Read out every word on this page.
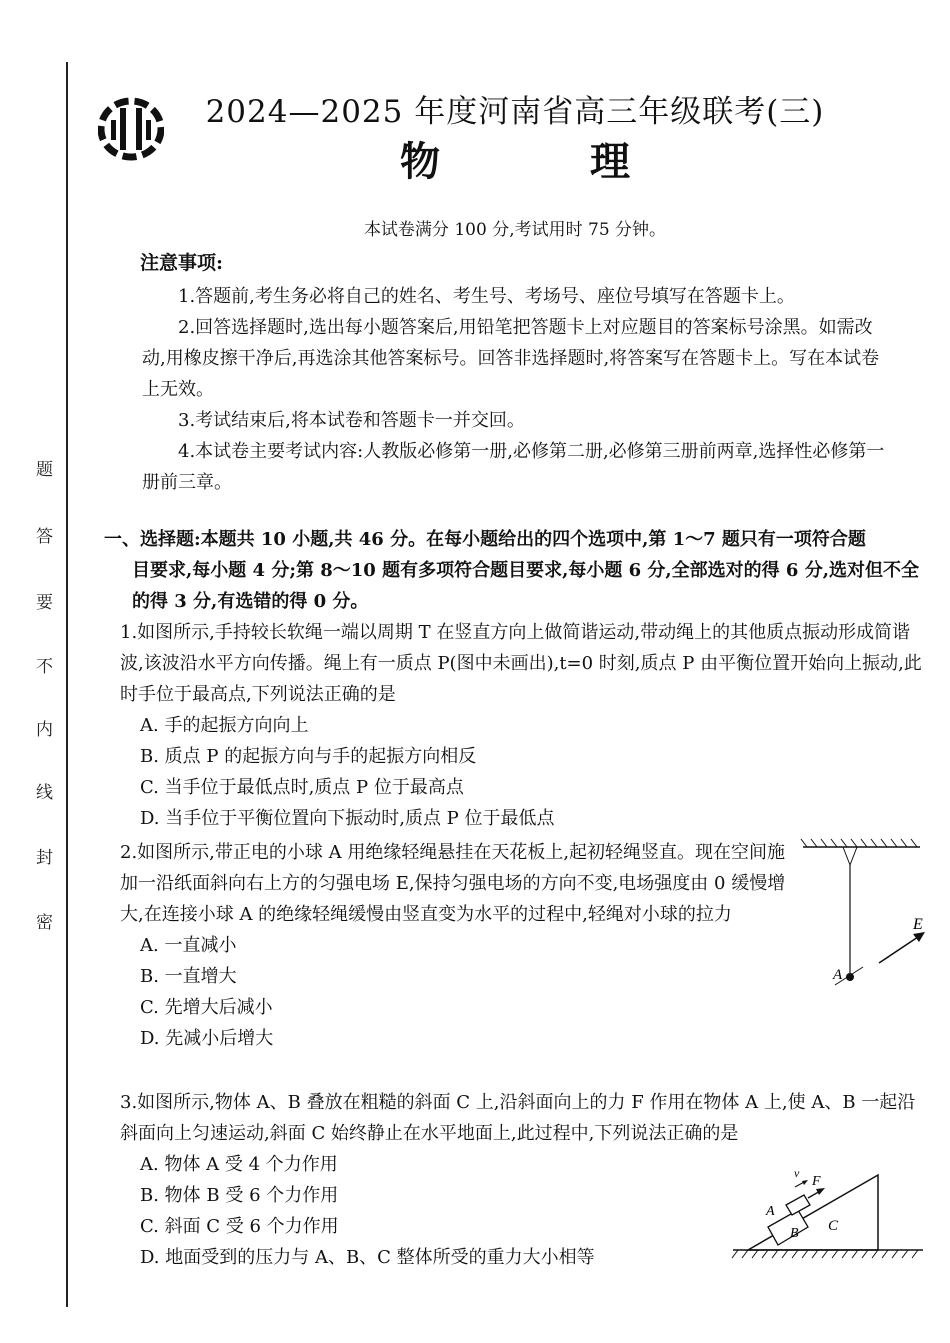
题
答
要
不
内
线
封
密
2024—2025 年度河南省高三年级联考(三)
物理
本试卷满分 100 分,考试用时 75 分钟。
注意事项:

1.答题前,考生务必将自己的姓名、考生号、考场号、座位号填写在答题卡上。

2.回答选择题时,选出每小题答案后,用铅笔把答题卡上对应题目的答案标号涂黑。如需改动,用橡皮擦干净后,再选涂其他答案标号。回答非选择题时,将答案写在答题卡上。写在本试卷上无效。

3.考试结束后,将本试卷和答题卡一并交回。

4.本试卷主要考试内容:人教版必修第一册,必修第二册,必修第三册前两章,选择性必修第一册前三章。

一、选择题:本题共 10 小题,共 46 分。在每小题给出的四个选项中,第 1～7 题只有一项符合题
目要求,每小题 4 分;第 8～10 题有多项符合题目要求,每小题 6 分,全部选对的得 6 分,选对但不全的得 3 分,有选错的得 0 分。

1.如图所示,手持较长软绳一端以周期 T 在竖直方向上做简谐运动,带动绳上的其他质点振动形成简谐波,该波沿水平方向传播。绳上有一质点 P(图中未画出),t=0 时刻,质点 P 由平衡位置开始向上振动,此时手位于最高点,下列说法正确的是

A. 手的起振方向向上
B. 质点 P 的起振方向与手的起振方向相反
C. 当手位于最低点时,质点 P 位于最高点
D. 当手位于平衡位置向下振动时,质点 P 位于最低点

2.如图所示,带正电的小球 A 用绝缘轻绳悬挂在天花板上,起初轻绳竖直。现在空间施加一沿纸面斜向右上方的匀强电场 E,保持匀强电场的方向不变,电场强度由 0 缓慢增大,在连接小球 A 的绝缘轻绳缓慢由竖直变为水平的过程中,轻绳对小球的拉力

A. 一直减小
B. 一直增大
C. 先增大后减小
D. 先减小后增大
A
E

3.如图所示,物体 A、B 叠放在粗糙的斜面 C 上,沿斜面向上的力 F 作用在物体 A 上,使 A、B 一起沿斜面向上匀速运动,斜面 C 始终静止在水平地面上,此过程中,下列说法正确的是

A. 物体 A 受 4 个力作用
B. 物体 B 受 6 个力作用
C. 斜面 C 受 6 个力作用
D. 地面受到的压力与 A、B、C 整体所受的重力大小相等
v
F
A
B C
